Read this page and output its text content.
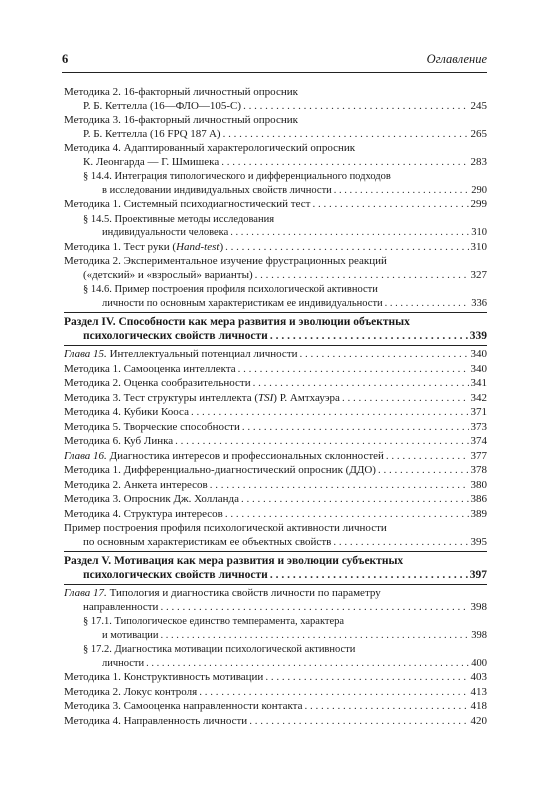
6	Оглавление
Методика 2. 16-факторный личностный опросник
Р. Б. Кеттелла (16—ФЛО—105-С) . . .	245
Методика 3. 16-факторный личностный опросник
Р. Б. Кеттелла (16 FPQ 187 A) . . .	265
Методика 4. Адаптированный характерологический опросник
К. Леонгарда — Г. Шмишека . . .	283
§ 14.4. Интеграция типологического и дифференциального подходов
в исследовании индивидуальных свойств личности . . .	290
Методика 1. Системный психодиагностический тест . . .	299
§ 14.5. Проективные методы исследования
индивидуальности человека . . .	310
Методика 1. Тест руки (Hand-test) . . .	310
Методика 2. Экспериментальное изучение фрустрационных реакций
(«детский» и «взрослый» варианты) . . .	327
§ 14.6. Пример построения профиля психологической активности
личности по основным характеристикам ее индивидуальности . . .	336
Раздел IV. Способности как мера развития и эволюции объектных
психологических свойств личности . . .	339
Глава 15. Интеллектуальный потенциал личности . . .	340
Методика 1. Самооценка интеллекта . . .	340
Методика 2. Оценка сообразительности . . .	341
Методика 3. Тест структуры интеллекта (TSI) Р. Амтхауэра . . .	342
Методика 4. Кубики Кооса . . .	371
Методика 5. Творческие способности . . .	373
Методика 6. Куб Линка . . .	374
Глава 16. Диагностика интересов и профессиональных склонностей . . .	377
Методика 1. Дифференциально-диагностический опросник (ДДО) . . .	378
Методика 2. Анкета интересов . . .	380
Методика 3. Опросник Дж. Холланда . . .	386
Методика 4. Структура интересов . . .	389
Пример построения профиля психологической активности личности
по основным характеристикам ее объектных свойств . . .	395
Раздел V. Мотивация как мера развития и эволюции субъектных
психологических свойств личности . . .	397
Глава 17. Типология и диагностика свойств личности по параметру
направленности . . .	398
§ 17.1. Типологическое единство темперамента, характера
и мотивации . . .	398
§ 17.2. Диагностика мотивации психологической активности
личности . . .	400
Методика 1. Конструктивность мотивации . . .	403
Методика 2. Локус контроля . . .	413
Методика 3. Самооценка направленности контакта . . .	418
Методика 4. Направленность личности . . .	420
